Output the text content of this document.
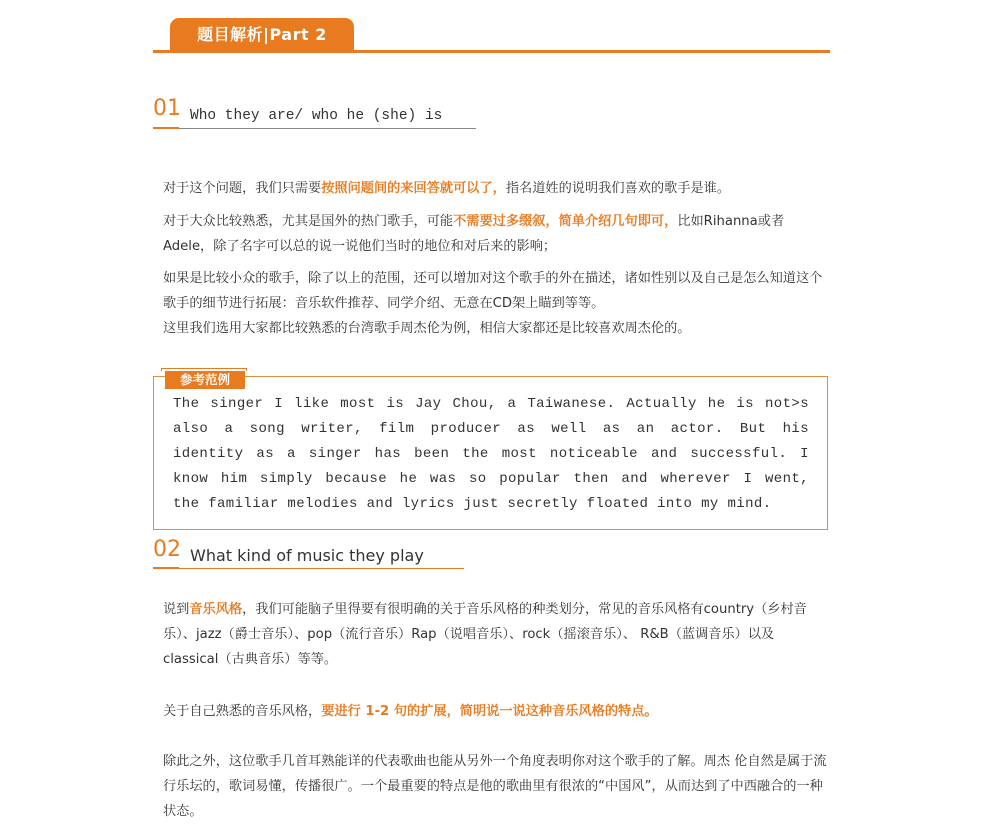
题目解析|Part 2
01 Who they are/ who he (she) is

对于这个问题，我们只需要按照问题间的来回答就可以了，指名道姓的说明我们喜欢的歌手是谁。

对于大众比较熟悉，尤其是国外的热门歌手，可能不需要过多缀叙，简单介绍几句即可，比如Rihanna或者 Adele，除了名字可以总的说一说他们当时的地位和对后来的影响；

如果是比较小众的歌手，除了以上的范围，还可以增加对这个歌手的外在描述，诸如性别以及自己是怎么知道这个歌手的细节进行拓展：音乐软件推荐、同学介绍、无意在CD架上瞄到等等。

这里我们选用大家都比较熟悉的台湾歌手周杰伦为例，相信大家都还是比较喜欢周杰伦的。

参考范例
The singer I like most is Jay Chou, a Taiwanese. Actually he is not>s
also a song writer, film producer as well as an actor. But his
identity as a singer has been the most noticeable and successful. I
know him simply because he was so popular then and wherever I went,
the familiar melodies and lyrics just secretly floated into my mind.
02 What kind of music they play

说到音乐风格，我们可能脑子里得要有很明确的关于音乐风格的种类划分，常见的音乐风格有country（乡村音乐）、jazz（爵士音乐）、pop（流行音乐）Rap（说唱音乐）、rock（摇滚音乐）、 R&B（蓝调音乐）以及 classical（古典音乐）等等。

关于自己熟悉的音乐风格，要进行 1-2 句的扩展，简明说一说这种音乐风格的特点。

除此之外，这位歌手几首耳熟能详的代表歌曲也能从另外一个角度表明你对这个歌手的了解。周杰 伦自然是属于流行乐坛的，歌词易懂，传播很广。一个最重要的特点是他的歌曲里有很浓的“中国风”，从而达到了中西融合的一种状态。
